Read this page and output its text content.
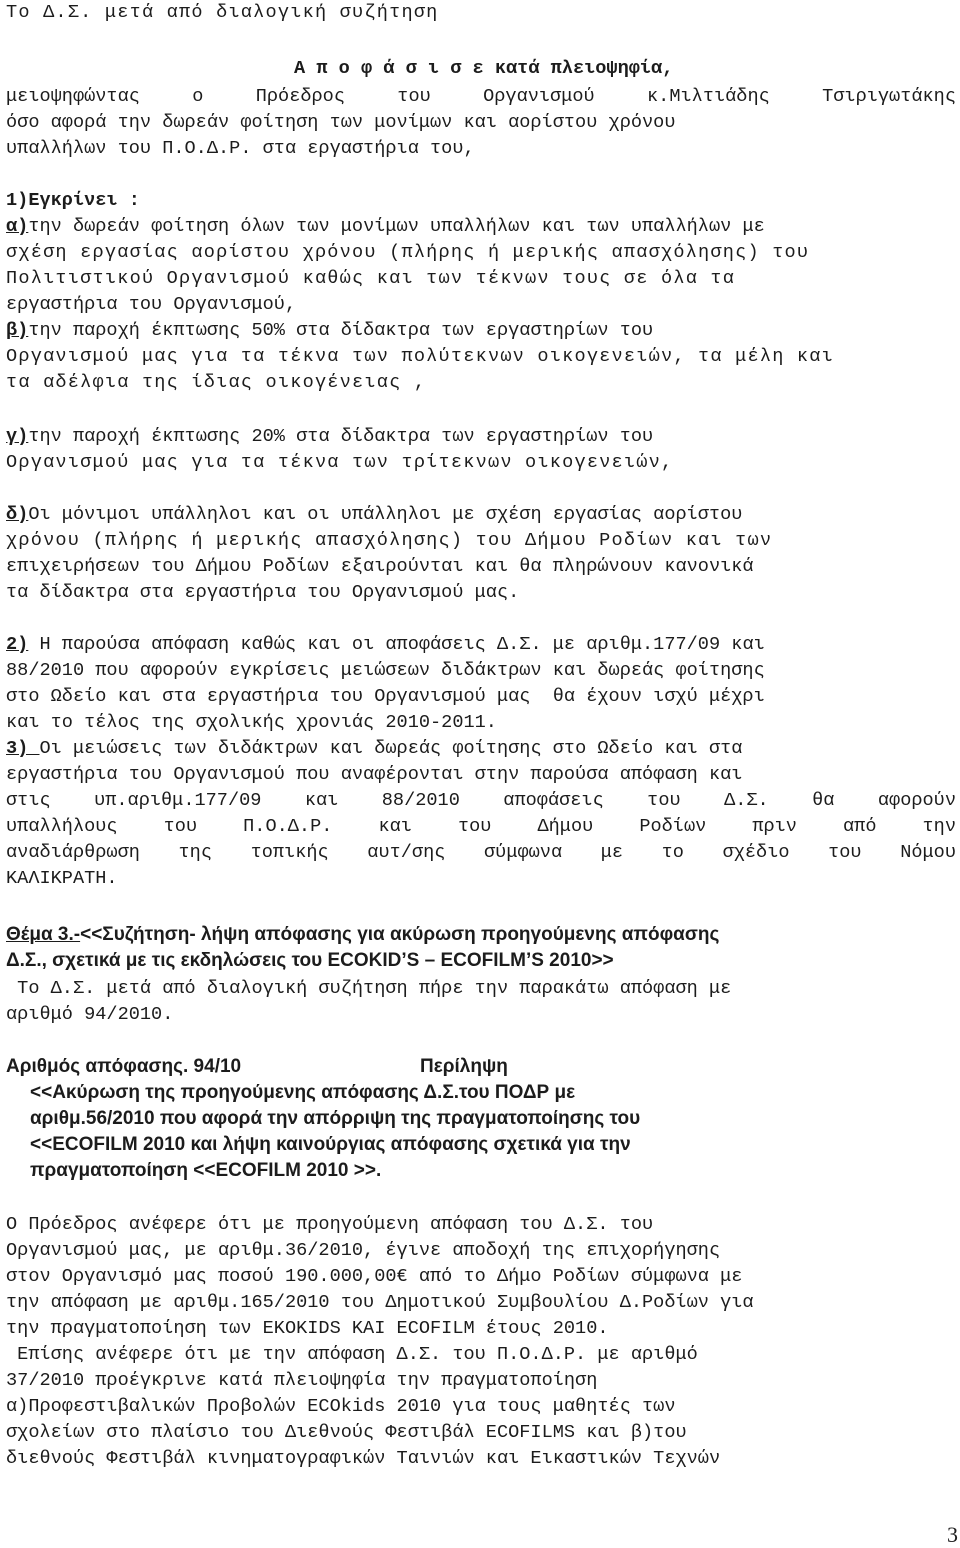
Το Δ.Σ. μετά από διαλογική συζήτηση

Α π ο φ ά σ ι σ ε κατά πλειοψηφία,

μειοψηφώντας ο Πρόεδρος του Οργανισμού κ.Μιλτιάδης Τσιριγωτάκης

όσο αφορά την δωρεάν φοίτηση των μονίμων και αορίστου χρόνου

υπαλλήλων του Π.Ο.Δ.Ρ. στα εργαστήρια του,

1)Εγκρίνει :

α)την δωρεάν φοίτηση όλων των μονίμων υπαλλήλων και των υπαλλήλων με

σχέση εργασίας αορίστου χρόνου (πλήρης ή μερικής απασχόλησης) του

Πολιτιστικού Οργανισμού καθώς και των τέκνων τους σε όλα τα

εργαστήρια του Οργανισμού,

β)την παροχή έκπτωσης 50% στα δίδακτρα των εργαστηρίων του

Οργανισμού μας για τα τέκνα των πολύτεκνων οικογενειών, τα μέλη και

τα αδέλφια της ίδιας οικογένειας ,

γ)την παροχή έκπτωσης 20% στα δίδακτρα των εργαστηρίων του

Οργανισμού μας για τα τέκνα των τρίτεκνων οικογενειών,

δ)Οι μόνιμοι υπάλληλοι και οι υπάλληλοι με σχέση εργασίας αορίστου

χρόνου (πλήρης ή μερικής απασχόλησης) του Δήμου Ροδίων και των

επιχειρήσεων του Δήμου Ροδίων εξαιρούνται και θα πληρώνουν κανονικά

τα δίδακτρα στα εργαστήρια του Οργανισμού μας.

2) Η παρούσα απόφαση καθώς και οι αποφάσεις Δ.Σ. με αριθμ.177/09 και

88/2010 που αφορούν εγκρίσεις μειώσεων διδάκτρων και δωρεάς φοίτησης

στο Ωδείο και στα εργαστήρια του Οργανισμού μας  θα έχουν ισχύ μέχρι

και το τέλος της σχολικής χρονιάς 2010-2011.

3) Οι μειώσεις των διδάκτρων και δωρεάς φοίτησης στο Ωδείο και στα

εργαστήρια του Οργανισμού που αναφέρονται στην παρούσα απόφαση και

στις υπ.αριθμ.177/09 και 88/2010 αποφάσεις του Δ.Σ. θα αφορούν

υπαλλήλους του Π.Ο.Δ.Ρ. και του Δήμου Ροδίων πριν από την

αναδιάρθρωση της τοπικής αυτ/σης σύμφωνα με το σχέδιο του Νόμου

ΚΑΛΙΚΡΑΤΗ.

Θέμα 3.-<<Συζήτηση- λήψη απόφασης για ακύρωση προηγούμενης απόφασης

Δ.Σ., σχετικά με τις εκδηλώσεις του ECOKID’S – ECOFILM’S 2010>>

Το Δ.Σ. μετά από διαλογική συζήτηση πήρε την παρακάτω απόφαση με

αριθμό 94/2010.

Αριθμός απόφασης. 94/10	Περίληψη

<<Ακύρωση της προηγούμενης απόφασης Δ.Σ.του ΠΟΔΡ με

αριθμ.56/2010 που αφορά την απόρριψη της πραγματοποίησης του

<<ECOFILM 2010 και λήψη καινούργιας απόφασης σχετικά για την

πραγματοποίηση <<ECOFILM 2010 >>.

Ο Πρόεδρος ανέφερε ότι με προηγούμενη απόφαση του Δ.Σ. του

Οργανισμού μας, με αριθμ.36/2010, έγινε αποδοχή της επιχορήγησης

στον Οργανισμό μας ποσού 190.000,00€ από το Δήμο Ροδίων σύμφωνα με

την απόφαση με αριθμ.165/2010 του Δημοτικού Συμβουλίου Δ.Ροδίων για

την πραγματοποίηση των EKOKIDS KAI ECOFILM έτους 2010.

Επίσης ανέφερε ότι με την απόφαση Δ.Σ. του Π.Ο.Δ.Ρ. με αριθμό

37/2010 προέγκρινε κατά πλειοψηφία την πραγματοποίηση

α)Προφεστιβαλικών Προβολών ECOkids 2010 για τους μαθητές των

σχολείων στο πλαίσιο του Διεθνούς Φεστιβάλ ECOFILMS και β)του

διεθνούς Φεστιβάλ κινηματογραφικών Ταινιών και Εικαστικών Τεχνών

3
